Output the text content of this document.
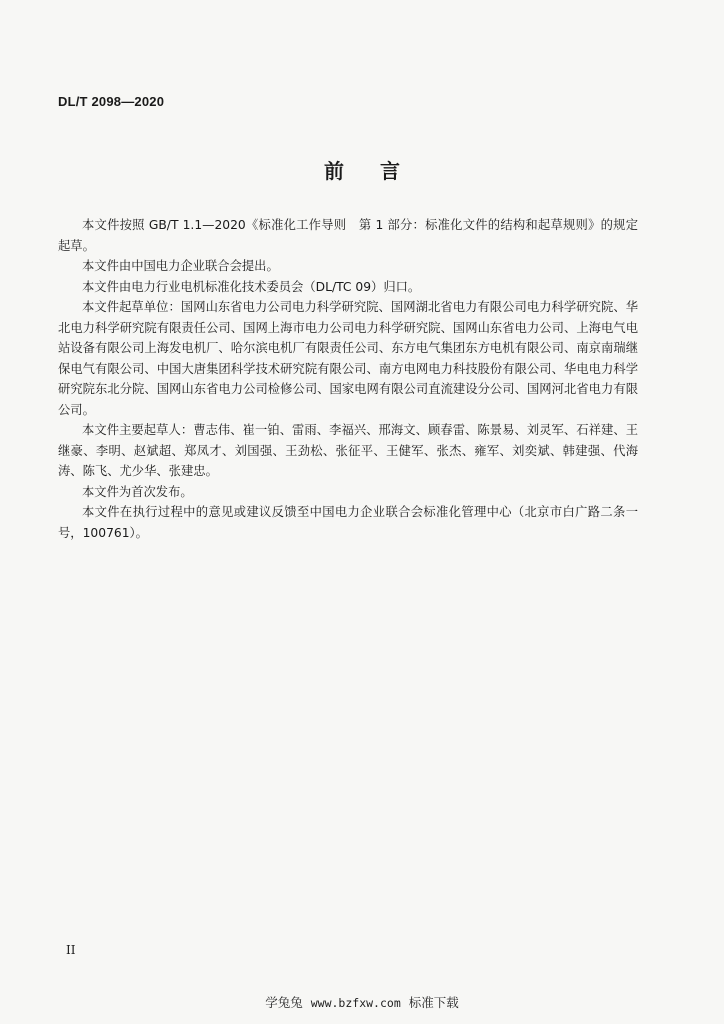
DL/T 2098—2020
前 言

本文件按照 GB/T 1.1—2020《标准化工作导则　第 1 部分：标准化文件的结构和起草规则》的规定起草。

本文件由中国电力企业联合会提出。

本文件由电力行业电机标准化技术委员会（DL/TC 09）归口。

本文件起草单位：国网山东省电力公司电力科学研究院、国网湖北省电力有限公司电力科学研究院、华北电力科学研究院有限责任公司、国网上海市电力公司电力科学研究院、国网山东省电力公司、上海电气电站设备有限公司上海发电机厂、哈尔滨电机厂有限责任公司、东方电气集团东方电机有限公司、南京南瑞继保电气有限公司、中国大唐集团科学技术研究院有限公司、南方电网电力科技股份有限公司、华电电力科学研究院东北分院、国网山东省电力公司检修公司、国家电网有限公司直流建设分公司、国网河北省电力有限公司。

本文件主要起草人：曹志伟、崔一铂、雷雨、李福兴、邢海文、顾春雷、陈景易、刘灵军、石祥建、王继豪、李明、赵斌超、郑凤才、刘国强、王劲松、张征平、王健军、张杰、雍军、刘奕斌、韩建强、代海涛、陈飞、尤少华、张建忠。

本文件为首次发布。

本文件在执行过程中的意见或建议反馈至中国电力企业联合会标准化管理中心（北京市白广路二条一号，100761）。

II
学兔兔 www.bzfxw.com 标准下载
